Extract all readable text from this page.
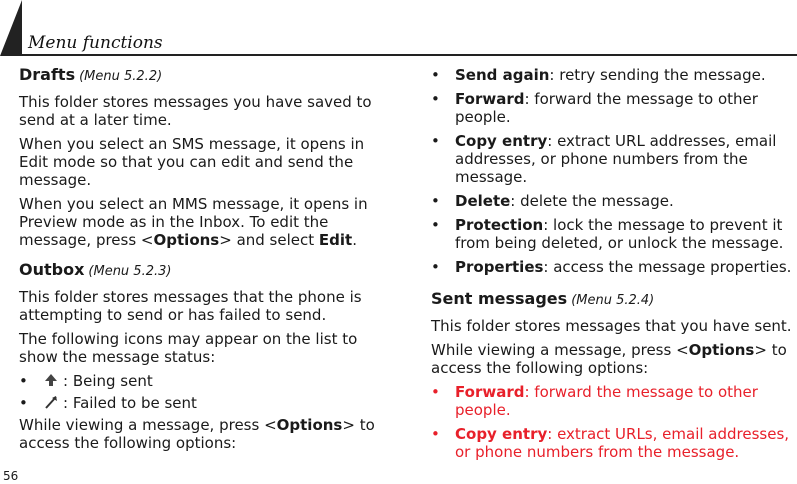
Menu functions
Drafts (Menu 5.2.2)

This folder stores messages you have saved to send at a later time.

When you select an SMS message, it opens in Edit mode so that you can edit and send the message.

When you select an MMS message, it opens in Preview mode as in the Inbox. To edit the message, press <Options> and select Edit.

Outbox (Menu 5.2.3)

This folder stores messages that the phone is attempting to send or has failed to send.

The following icons may appear on the list to show the message status:

• : Being sent
• : Failed to be sent

While viewing a message, press <Options> to access the following options:

• Send again: retry sending the message.
• Forward: forward the message to other people.
• Copy entry: extract URL addresses, email addresses, or phone numbers from the message.
• Delete: delete the message.
• Protection: lock the message to prevent it from being deleted, or unlock the message.
• Properties: access the message properties.
Sent messages (Menu 5.2.4)

This folder stores messages that you have sent.

While viewing a message, press <Options> to access the following options:

• Forward: forward the message to other people.
• Copy entry: extract URLs, email addresses, or phone numbers from the message.
56
